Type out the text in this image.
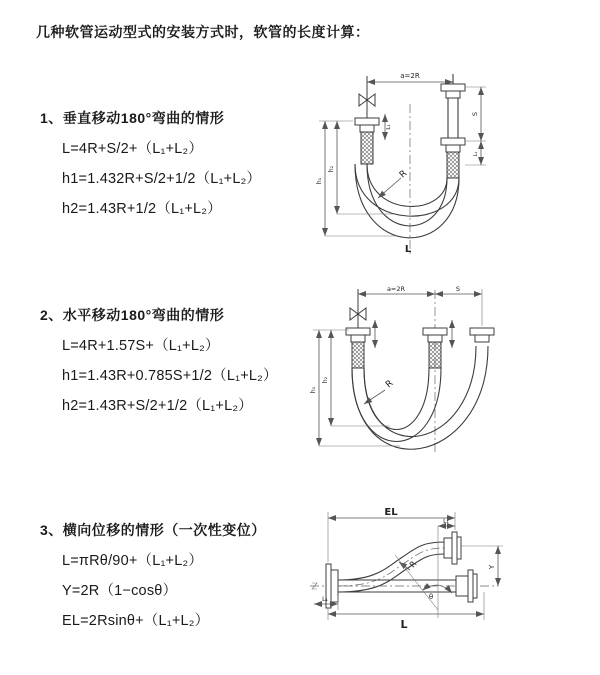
几种软管运动型式的安装方式时，软管的长度计算：
1、垂直移动180°弯曲的情形
L=4R+S/2+（L₁+L₂）
h1=1.432R+S/2+1/2（L₁+L₂）
h2=1.43R+1/2（L₁+L₂）
a=2R
h₁
h₂
L₁
S
L₁
R
L
2、水平移动180°弯曲的情形
L=4R+1.57S+（L₁+L₂）
h1=1.43R+0.785S+1/2（L₁+L₂）
h2=1.43R+S/2+1/2（L₁+L₂）
a=2R	S
h₁
h₂	R
3、横向位移的情形（一次性变位）
L=πRθ/90+（L₁+L₂）
Y=2R（1−cosθ）
EL=2Rsinθ+（L₁+L₂）
EL
L₁
Y
R
θ
L
L₁
